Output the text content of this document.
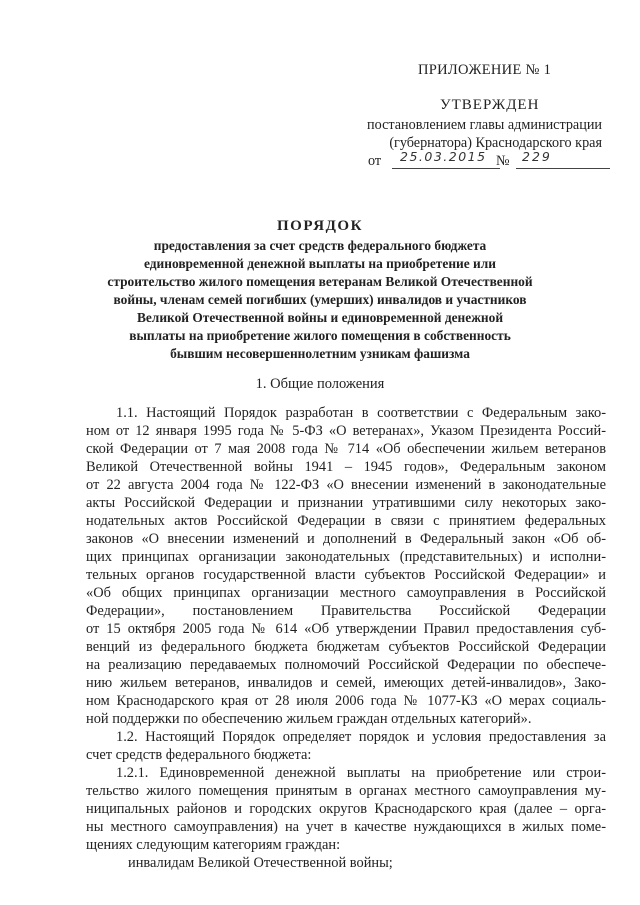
ПРИЛОЖЕНИЕ № 1
УТВЕРЖДЕН
постановлением главы администрации
(губернатора) Краснодарского края
от	25.03.2015 № 229
ПОРЯДОК
предоставления за счет средств федерального бюджета
единовременной денежной выплаты на приобретение или
строительство жилого помещения ветеранам Великой Отечественной
войны, членам семей погибших (умерших) инвалидов и участников
Великой Отечественной войны и единовременной денежной
выплаты на приобретение жилого помещения в собственность
бывшим несовершеннолетним узникам фашизма
1. Общие положения
1.1. Настоящий Порядок разработан в соответствии с Федеральным зако-
ном от 12 января 1995 года № 5-ФЗ «О ветеранах», Указом Президента Россий-
ской Федерации от 7 мая 2008 года № 714 «Об обеспечении жильем ветеранов
Великой Отечественной войны 1941 – 1945 годов», Федеральным законом
от 22 августа 2004 года № 122-ФЗ «О внесении изменений в законодательные
акты Российской Федерации и признании утратившими силу некоторых зако-
нодательных актов Российской Федерации в связи с принятием федеральных
законов «О внесении изменений и дополнений в Федеральный закон «Об об-
щих принципах организации законодательных (представительных) и исполни-
тельных органов государственной власти субъектов Российской Федерации» и
«Об общих принципах организации местного самоуправления в Российской
Федерации», постановлением Правительства Российской Федерации
от 15 октября 2005 года № 614 «Об утверждении Правил предоставления суб-
венций из федерального бюджета бюджетам субъектов Российской Федерации
на реализацию передаваемых полномочий Российской Федерации по обеспече-
нию жильем ветеранов, инвалидов и семей, имеющих детей-инвалидов», Зако-
ном Краснодарского края от 28 июля 2006 года № 1077-КЗ «О мерах социаль-
ной поддержки по обеспечению жильем граждан отдельных категорий».
1.2. Настоящий Порядок определяет порядок и условия предоставления за
счет средств федерального бюджета:
1.2.1. Единовременной денежной выплаты на приобретение или строи-
тельство жилого помещения принятым в органах местного самоуправления му-
ниципальных районов и городских округов Краснодарского края (далее – орга-
ны местного самоуправления) на учет в качестве нуждающихся в жилых поме-
щениях следующим категориям граждан:
инвалидам Великой Отечественной войны;
